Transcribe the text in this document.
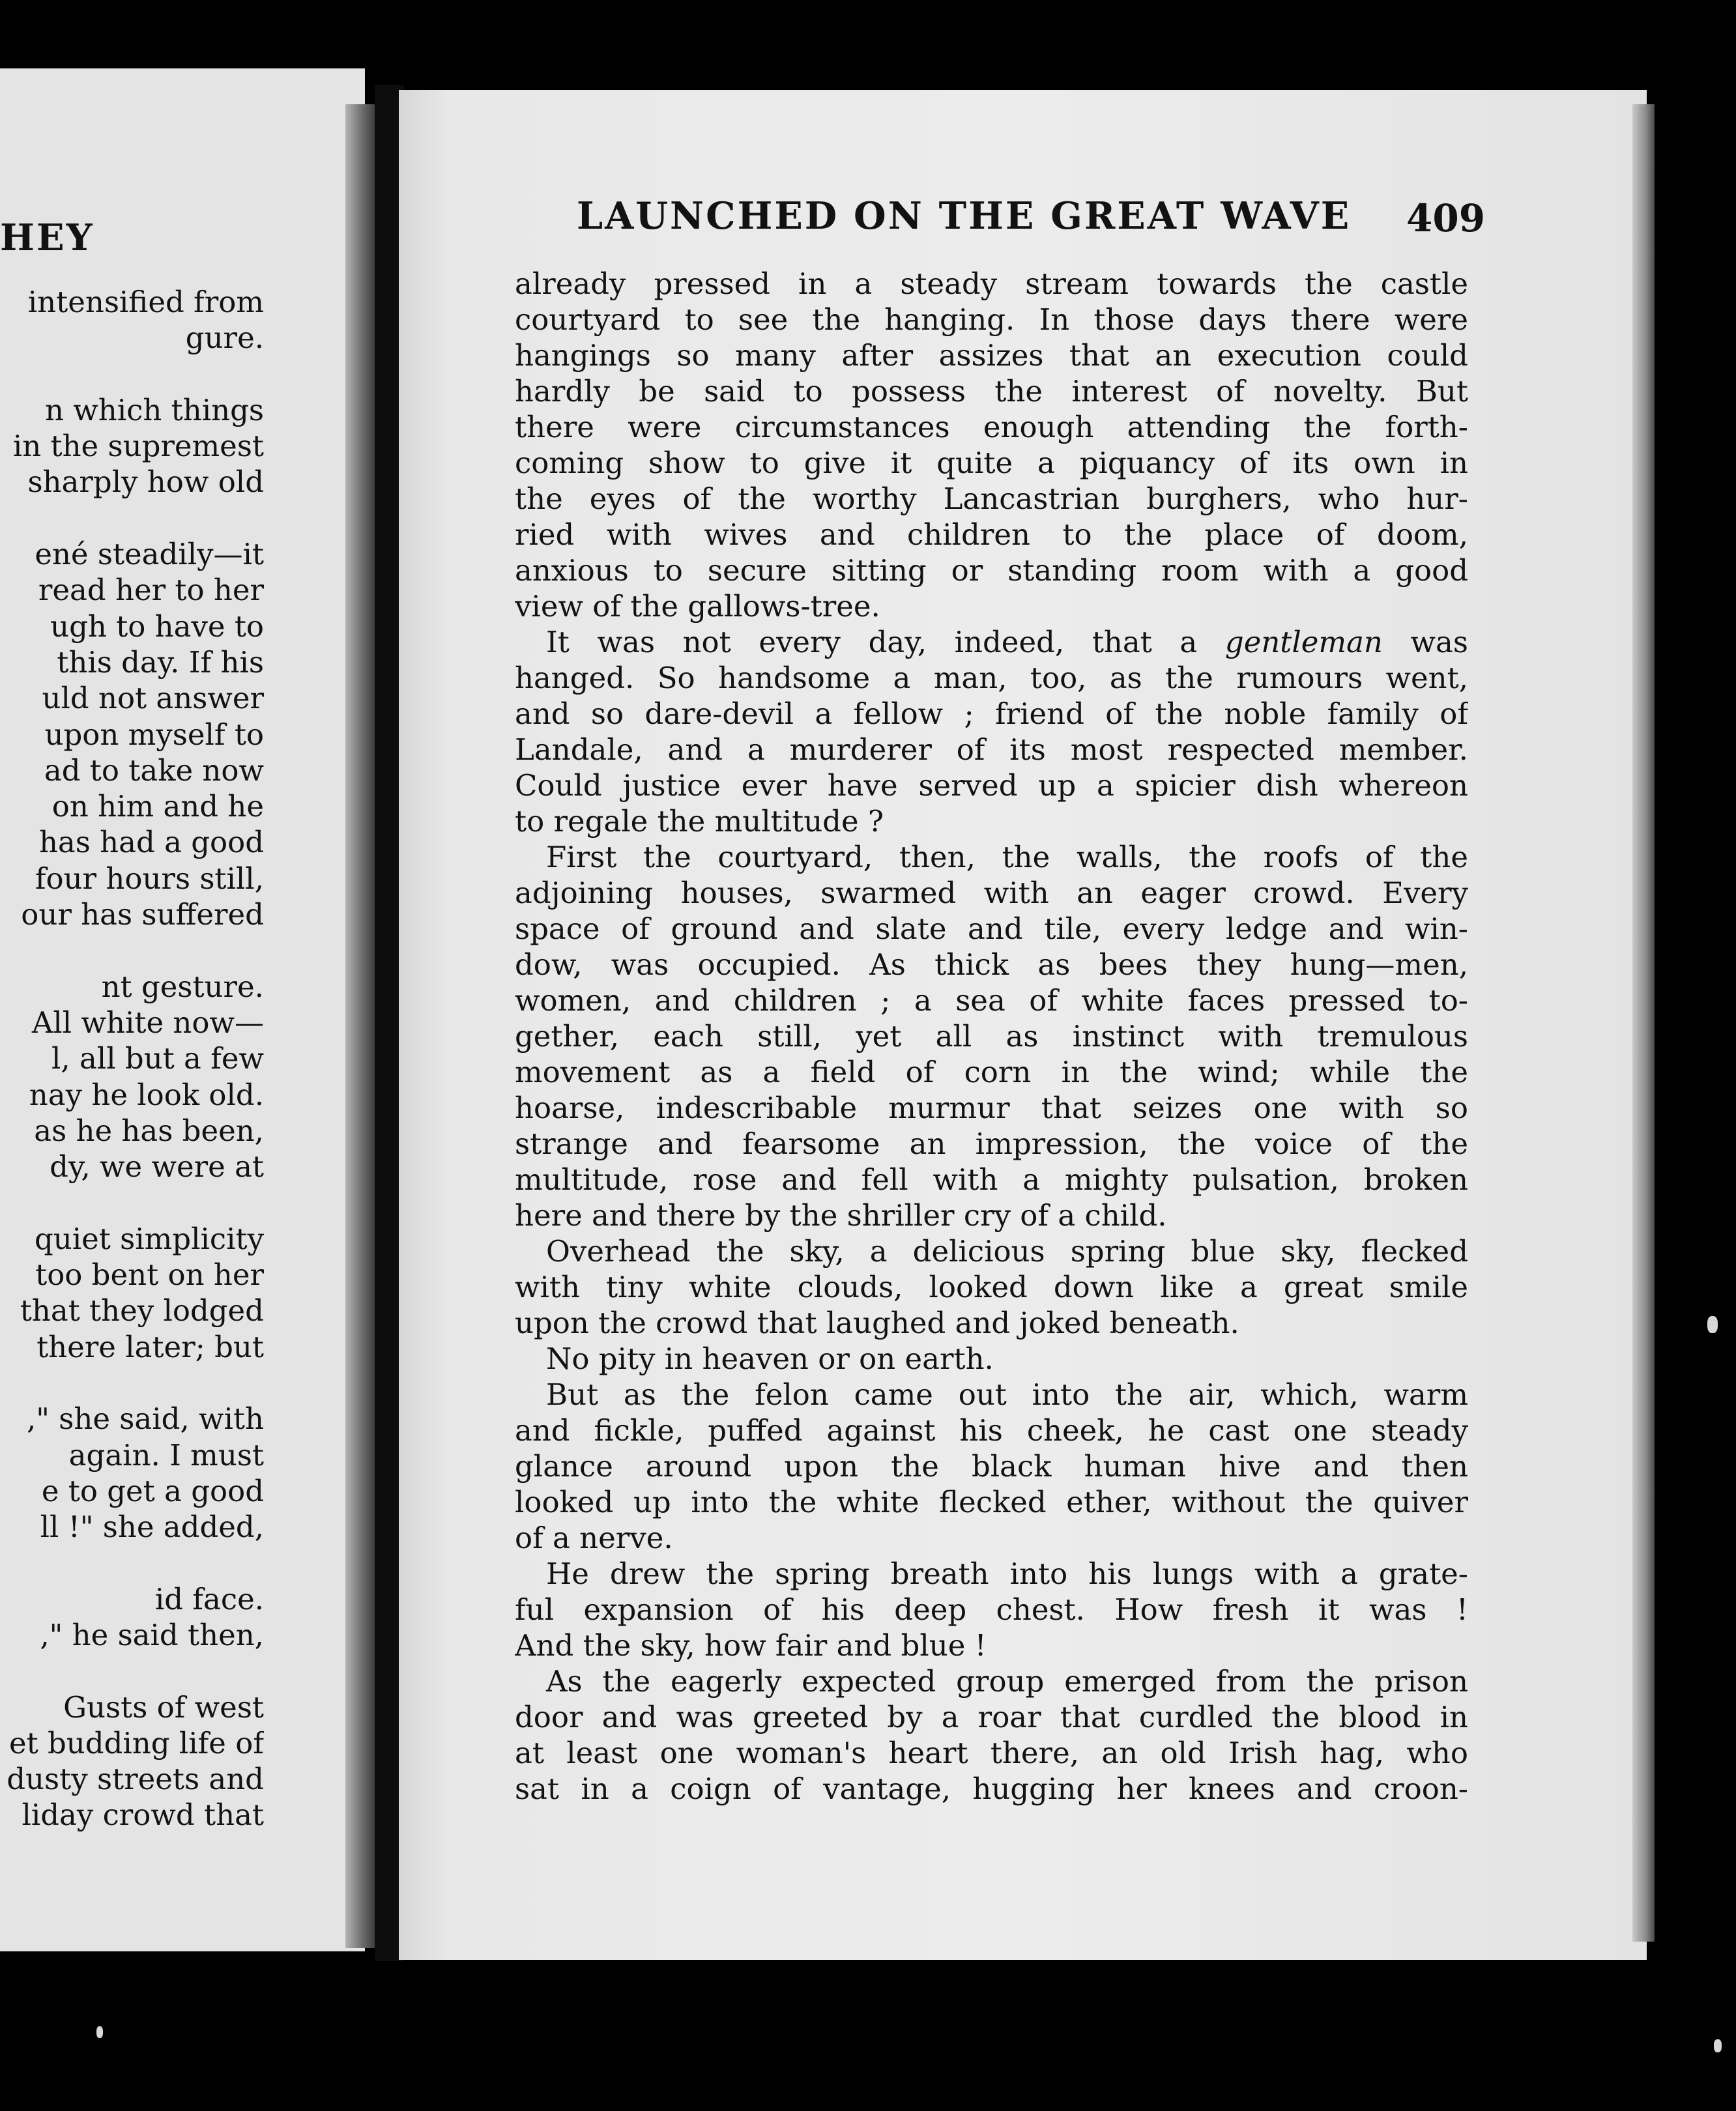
HEY
intensified from
gure.
n which things
in the supremest
sharply how old
ené steadily—it
read her to her
ugh to have to
this day. If his
uld not answer
upon myself to
ad to take now
on him and he
has had a good
four hours still,
our has suffered
nt gesture.
All white now—
l, all but a few
nay he look old.
as he has been,
dy, we were at
quiet simplicity
too bent on her
that they lodged
there later; but
," she said, with
again. I must
e to get a good
ll !" she added,
id face.
," he said then,
Gusts of west
et budding life of
dusty streets and
liday crowd that
LAUNCHED ON THE GREAT WAVE	409
already pressed in a steady stream towards the castle
courtyard to see the hanging. In those days there were
hangings so many after assizes that an execution could
hardly be said to possess the interest of novelty. But
there were circumstances enough attending the forth-
coming show to give it quite a piquancy of its own in
the eyes of the worthy Lancastrian burghers, who hur-
ried with wives and children to the place of doom,
anxious to secure sitting or standing room with a good
view of the gallows-tree.
It was not every day, indeed, that a gentleman was
hanged. So handsome a man, too, as the rumours went,
and so dare-devil a fellow ; friend of the noble family of
Landale, and a murderer of its most respected member.
Could justice ever have served up a spicier dish whereon
to regale the multitude ?
First the courtyard, then, the walls, the roofs of the
adjoining houses, swarmed with an eager crowd. Every
space of ground and slate and tile, every ledge and win-
dow, was occupied. As thick as bees they hung—men,
women, and children ; a sea of white faces pressed to-
gether, each still, yet all as instinct with tremulous
movement as a field of corn in the wind; while the
hoarse, indescribable murmur that seizes one with so
strange and fearsome an impression, the voice of the
multitude, rose and fell with a mighty pulsation, broken
here and there by the shriller cry of a child.
Overhead the sky, a delicious spring blue sky, flecked
with tiny white clouds, looked down like a great smile
upon the crowd that laughed and joked beneath.
No pity in heaven or on earth.
But as the felon came out into the air, which, warm
and fickle, puffed against his cheek, he cast one steady
glance around upon the black human hive and then
looked up into the white flecked ether, without the quiver
of a nerve.
He drew the spring breath into his lungs with a grate-
ful expansion of his deep chest. How fresh it was !
And the sky, how fair and blue !
As the eagerly expected group emerged from the prison
door and was greeted by a roar that curdled the blood in
at least one woman's heart there, an old Irish hag, who
sat in a coign of vantage, hugging her knees and croon-
